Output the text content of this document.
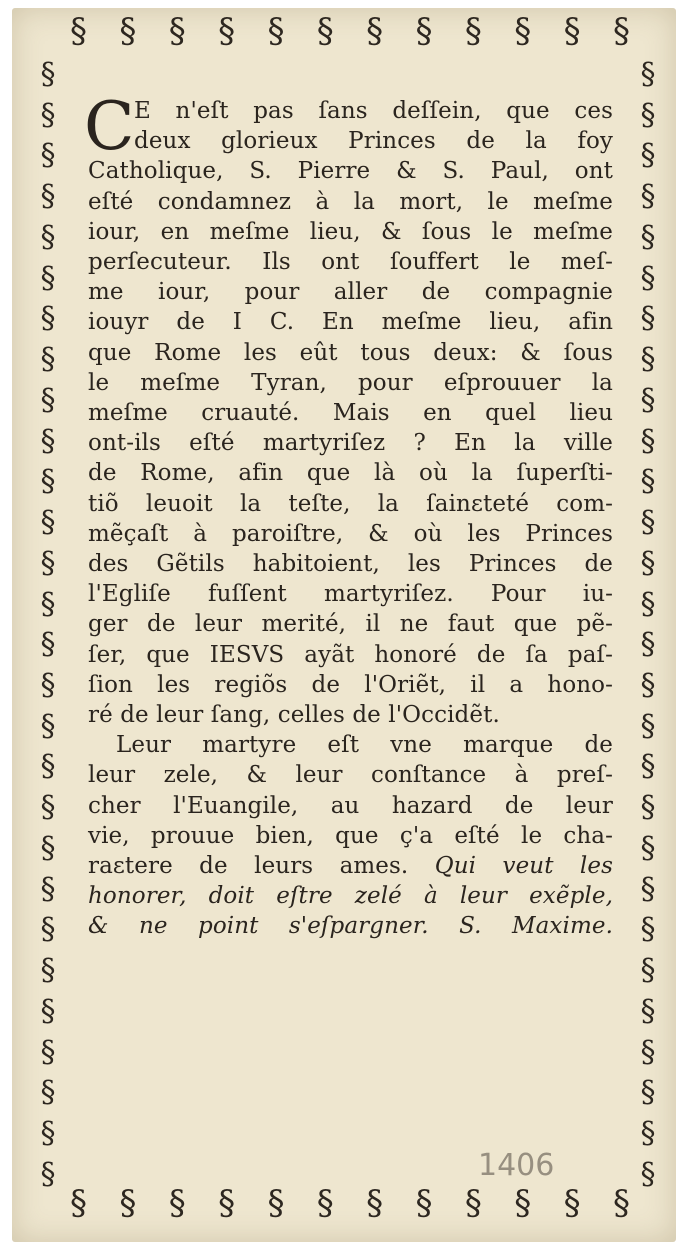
§ § § § § § § § § § § §
§ § § § § § § § § § § §
§
§
§
§
§
§
§
§
§
§
§
§
§
§
§
§
§
§
§
§
§
§
§
§
§
§
§
§
§
§
§
§
§
§
§
§
§
§
§
§
§
§
§
§
§
§
§
§
§
§
§
§
§
§
§
§
C E n'eſt pas ſans deſſein, que ces
deux glorieux Princes de la foy
Catholique, S. Pierre & S. Paul, ont
eſté condamnez à la mort, le meſme
iour, en meſme lieu, & ſous le meſme
perſecuteur. Ils ont ſouffert le meſ-
me iour, pour aller de compagnie
iouyr de I C. En meſme lieu, afin
que Rome les eût tous deux: & ſous
le meſme Tyran, pour eſprouuer la
meſme cruauté. Mais en quel lieu
ont-ils eſté martyriſez ? En la ville
de Rome, afin que là où la ſuperſti-
tiõ leuoit la teſte, la ſainɛteté com-
mẽçaſt à paroiſtre, & où les Princes
des Gẽtils habitoient, les Princes de
l'Egliſe fuſſent martyriſez. Pour iu-
ger de leur merité, il ne faut que pẽ-
ſer, que IESVS ayãt honoré de ſa paſ-
ſion les regiõs de l'Oriẽt, il a hono-
ré de leur ſang, celles de l'Occidẽt.
Leur martyre eſt vne marque de
leur zele, & leur conſtance à preſ-
cher l'Euangile, au hazard de leur
vie, prouue bien, que ç'a eſté le cha-
raɛtere de leurs ames. Qui veut les
honorer, doit eſtre zelé à leur exẽple,
& ne point s'eſpargner. S. Maxime.
1406
